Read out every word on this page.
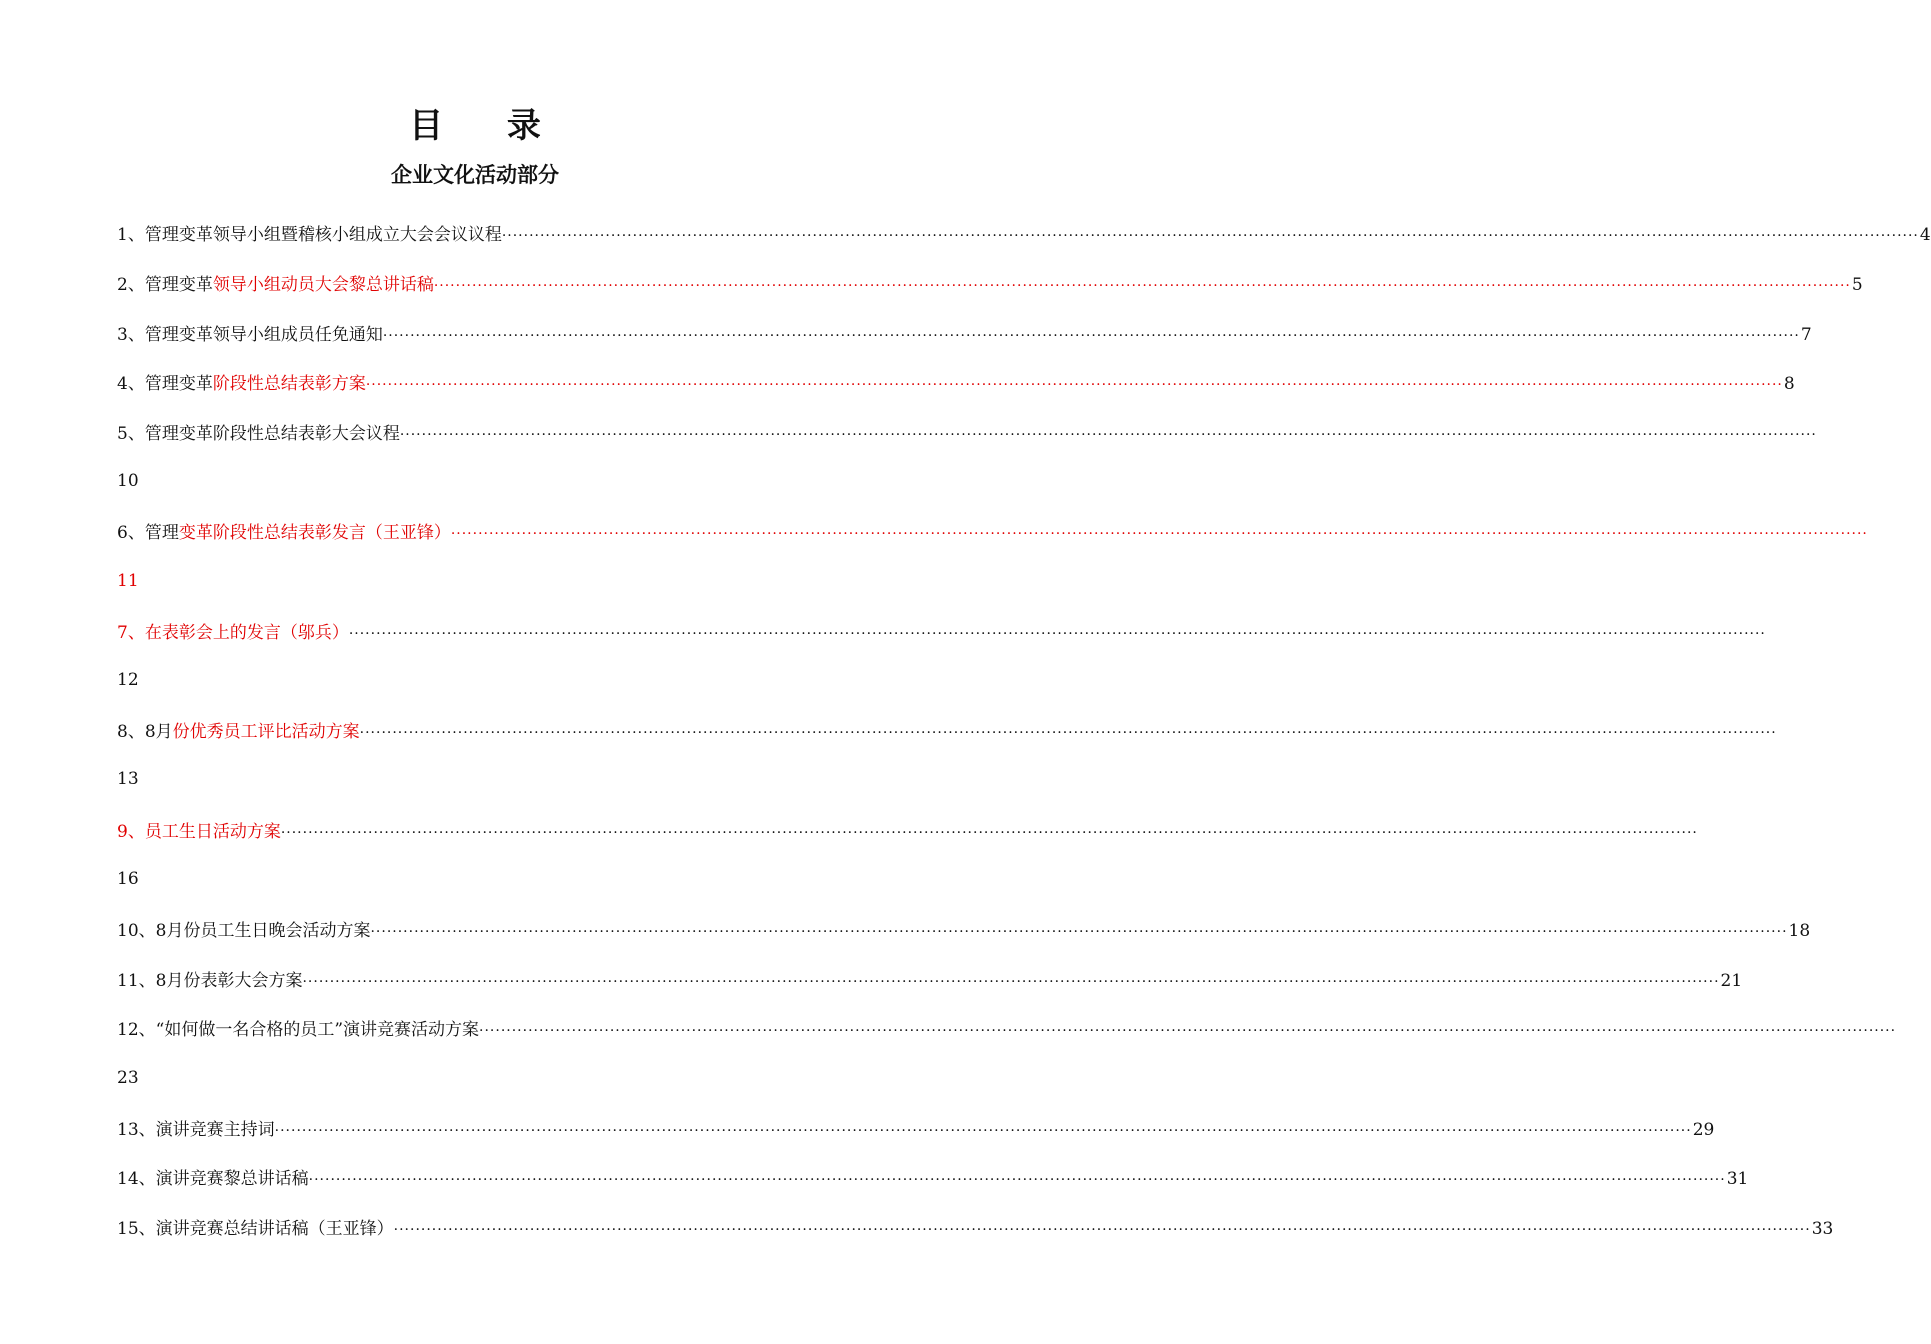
目 录
企业文化活动部分
1、 管理变革领导小组暨稽核小组成立大会会议议程 ···································································································································································································································································· 4
2、 管理变革 领导小组动员大会黎总讲话稿 ···································································································································································································································································· 5
3、 管理变革领导小组成员任免通知 ···································································································································································································································································· 7
4、 管理变革 阶段性总结表彰方案 ···································································································································································································································································· 8
5、 管理变革阶段性总结表彰大会议程 ····································································································································································································································································
10
6、 管理 变革阶段性总结表彰发言（王亚锋） ····································································································································································································································································
11
7、 在表彰会上的发言（邬兵） ····································································································································································································································································
12
8、 8月 份优秀员工评比活动方案 ····································································································································································································································································
13
9、 员工生日活动方案 ····································································································································································································································································
16
10、 8月份员工生日晚会活动方案 ···································································································································································································································································· 18
11、 8月份表彰大会方案 ···································································································································································································································································· 21
12、 “如何做一名合格的员工”演讲竞赛活动方案 ····································································································································································································································································
23
13、 演讲竞赛主持词 ···································································································································································································································································· 29
14、 演讲竞赛黎总讲话稿 ···································································································································································································································································· 31
15、 演讲竞赛总结讲话稿（王亚锋） ···································································································································································································································································· 33
